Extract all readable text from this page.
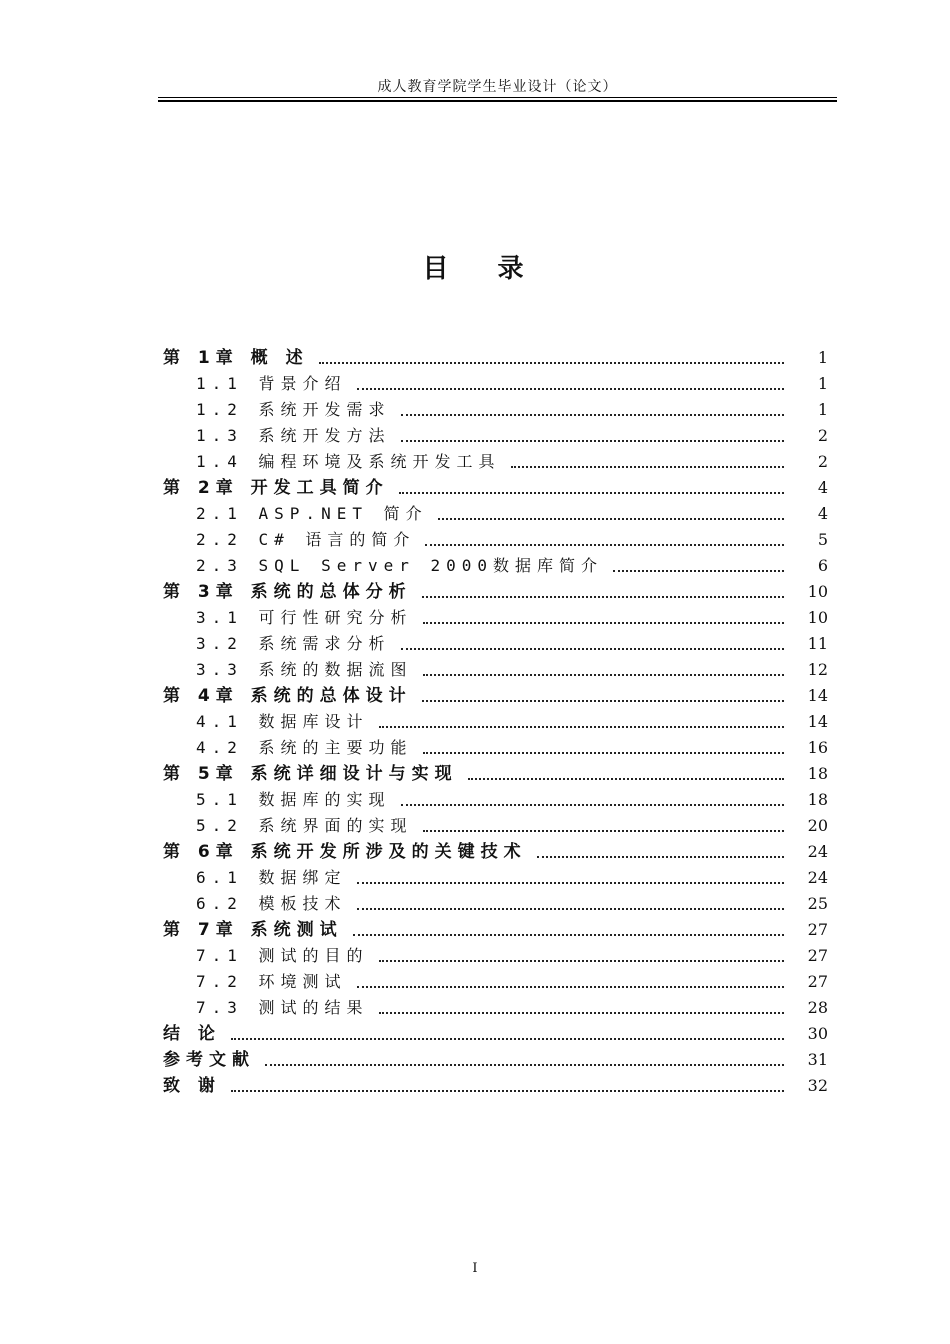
成人教育学院学生毕业设计（论文）
目 录
第 1章 概 述	1
1.1 背景介绍	1
1.2 系统开发需求	1
1.3 系统开发方法	2
1.4 编程环境及系统开发工具	2
第 2章 开发工具简介	4
2.1 ASP.NET 简介	4
2.2 C# 语言的简介	5
2.3 SQL Server 2000数据库简介	6
第 3章 系统的总体分析	10
3.1 可行性研究分析	10
3.2 系统需求分析	11
3.3 系统的数据流图	12
第 4章 系统的总体设计	14
4.1 数据库设计	14
4.2 系统的主要功能	16
第 5章 系统详细设计与实现	18
5.1 数据库的实现	18
5.2 系统界面的实现	20
第 6章 系统开发所涉及的关键技术	24
6.1 数据绑定	24
6.2 模板技术	25
第 7章 系统测试	27
7.1 测试的目的	27
7.2 环境测试	27
7.3 测试的结果	28
结 论	30
参考文献	31
致 谢	32
I
